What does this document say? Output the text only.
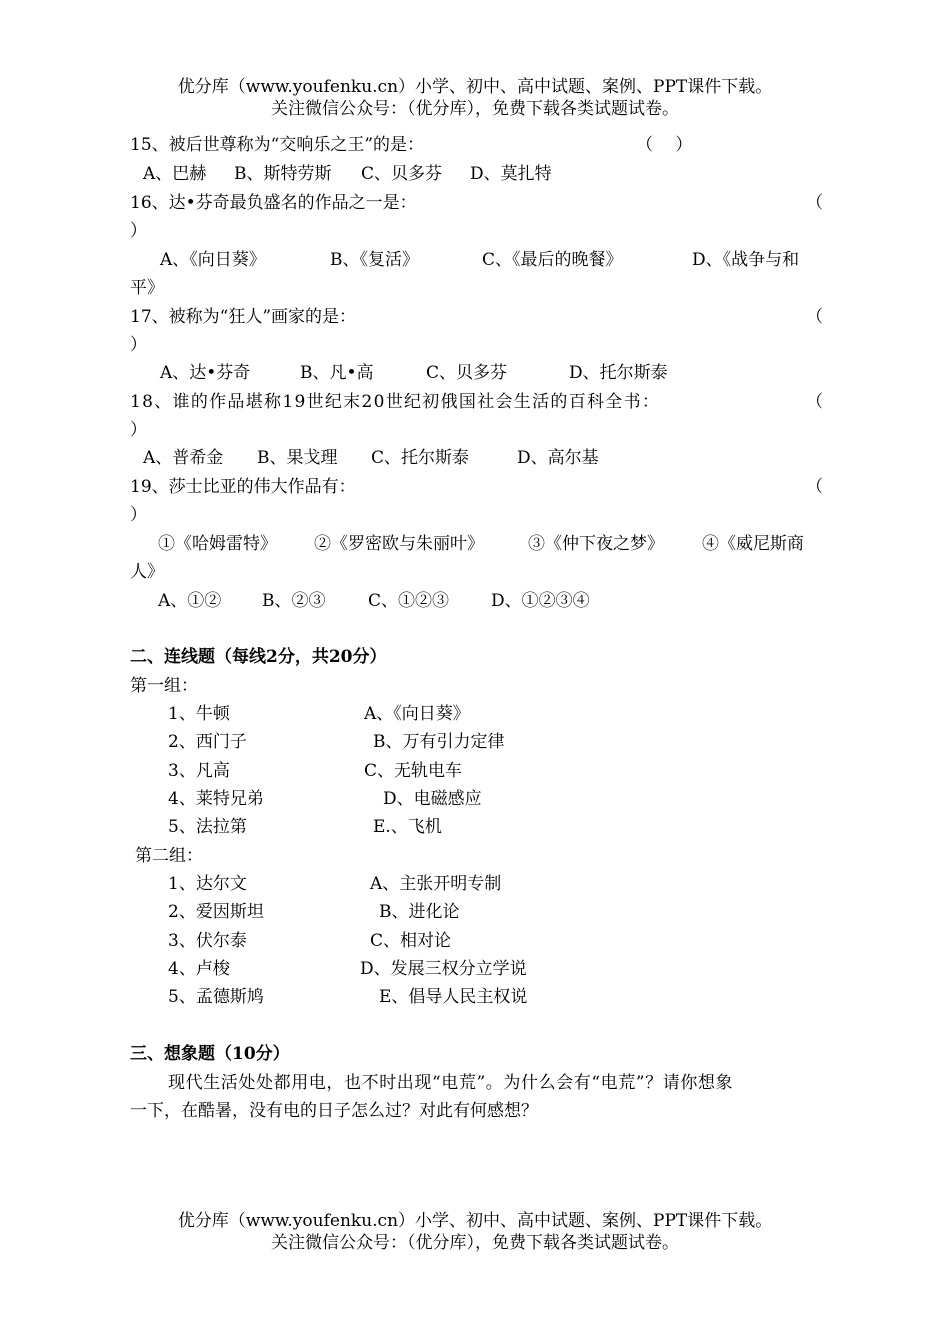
优分库（www.youfenku.cn）小学、初中、高中试题、案例、PPT课件下载。
关注微信公众号：（优分库），免费下载各类试题试卷。
15、被后世尊称为“交响乐之王”的是：	（　 ）
A、巴赫 B、斯特劳斯 C、贝多芬 D、莫扎特
16、达•芬奇最负盛名的作品之一是：	（
）
A、《向日葵》	B、《复活》	C、《最后的晚餐》	D、《战争与和
平》
17、被称为“狂人”画家的是：	（
）
A、达•芬奇	B、凡•高	C、贝多芬	D、托尔斯泰
18、谁的作品堪称19世纪末20世纪初俄国社会生活的百科全书：	（
）
A、普希金 B、果戈理 C、托尔斯泰	D、高尔基
19、莎士比亚的伟大作品有：	（
）
①《哈姆雷特》 ②《罗密欧与朱丽叶》	③《仲下夜之梦》 ④《威尼斯商
人》
A、①② B、②③	C、①②③ D、①②③④
二、连线题（每线2分，共20分）
第一组：
1、牛顿	A、《向日葵》
2、西门子	B、万有引力定律
3、凡高	C、无轨电车
4、莱特兄弟	D、电磁感应
5、法拉第	E.、飞机
第二组：
1、达尔文	A、主张开明专制
2、爱因斯坦	B、进化论
3、伏尔泰	C、相对论
4、卢梭	D、发展三权分立学说
5、孟德斯鸠	E、倡导人民主权说
三、想象题（10分）
现代生活处处都用电，也不时出现“电荒”。为什么会有“电荒”？请你想象
一下，在酷暑，没有电的日子怎么过？对此有何感想？
优分库（www.youfenku.cn）小学、初中、高中试题、案例、PPT课件下载。
关注微信公众号：（优分库），免费下载各类试题试卷。
